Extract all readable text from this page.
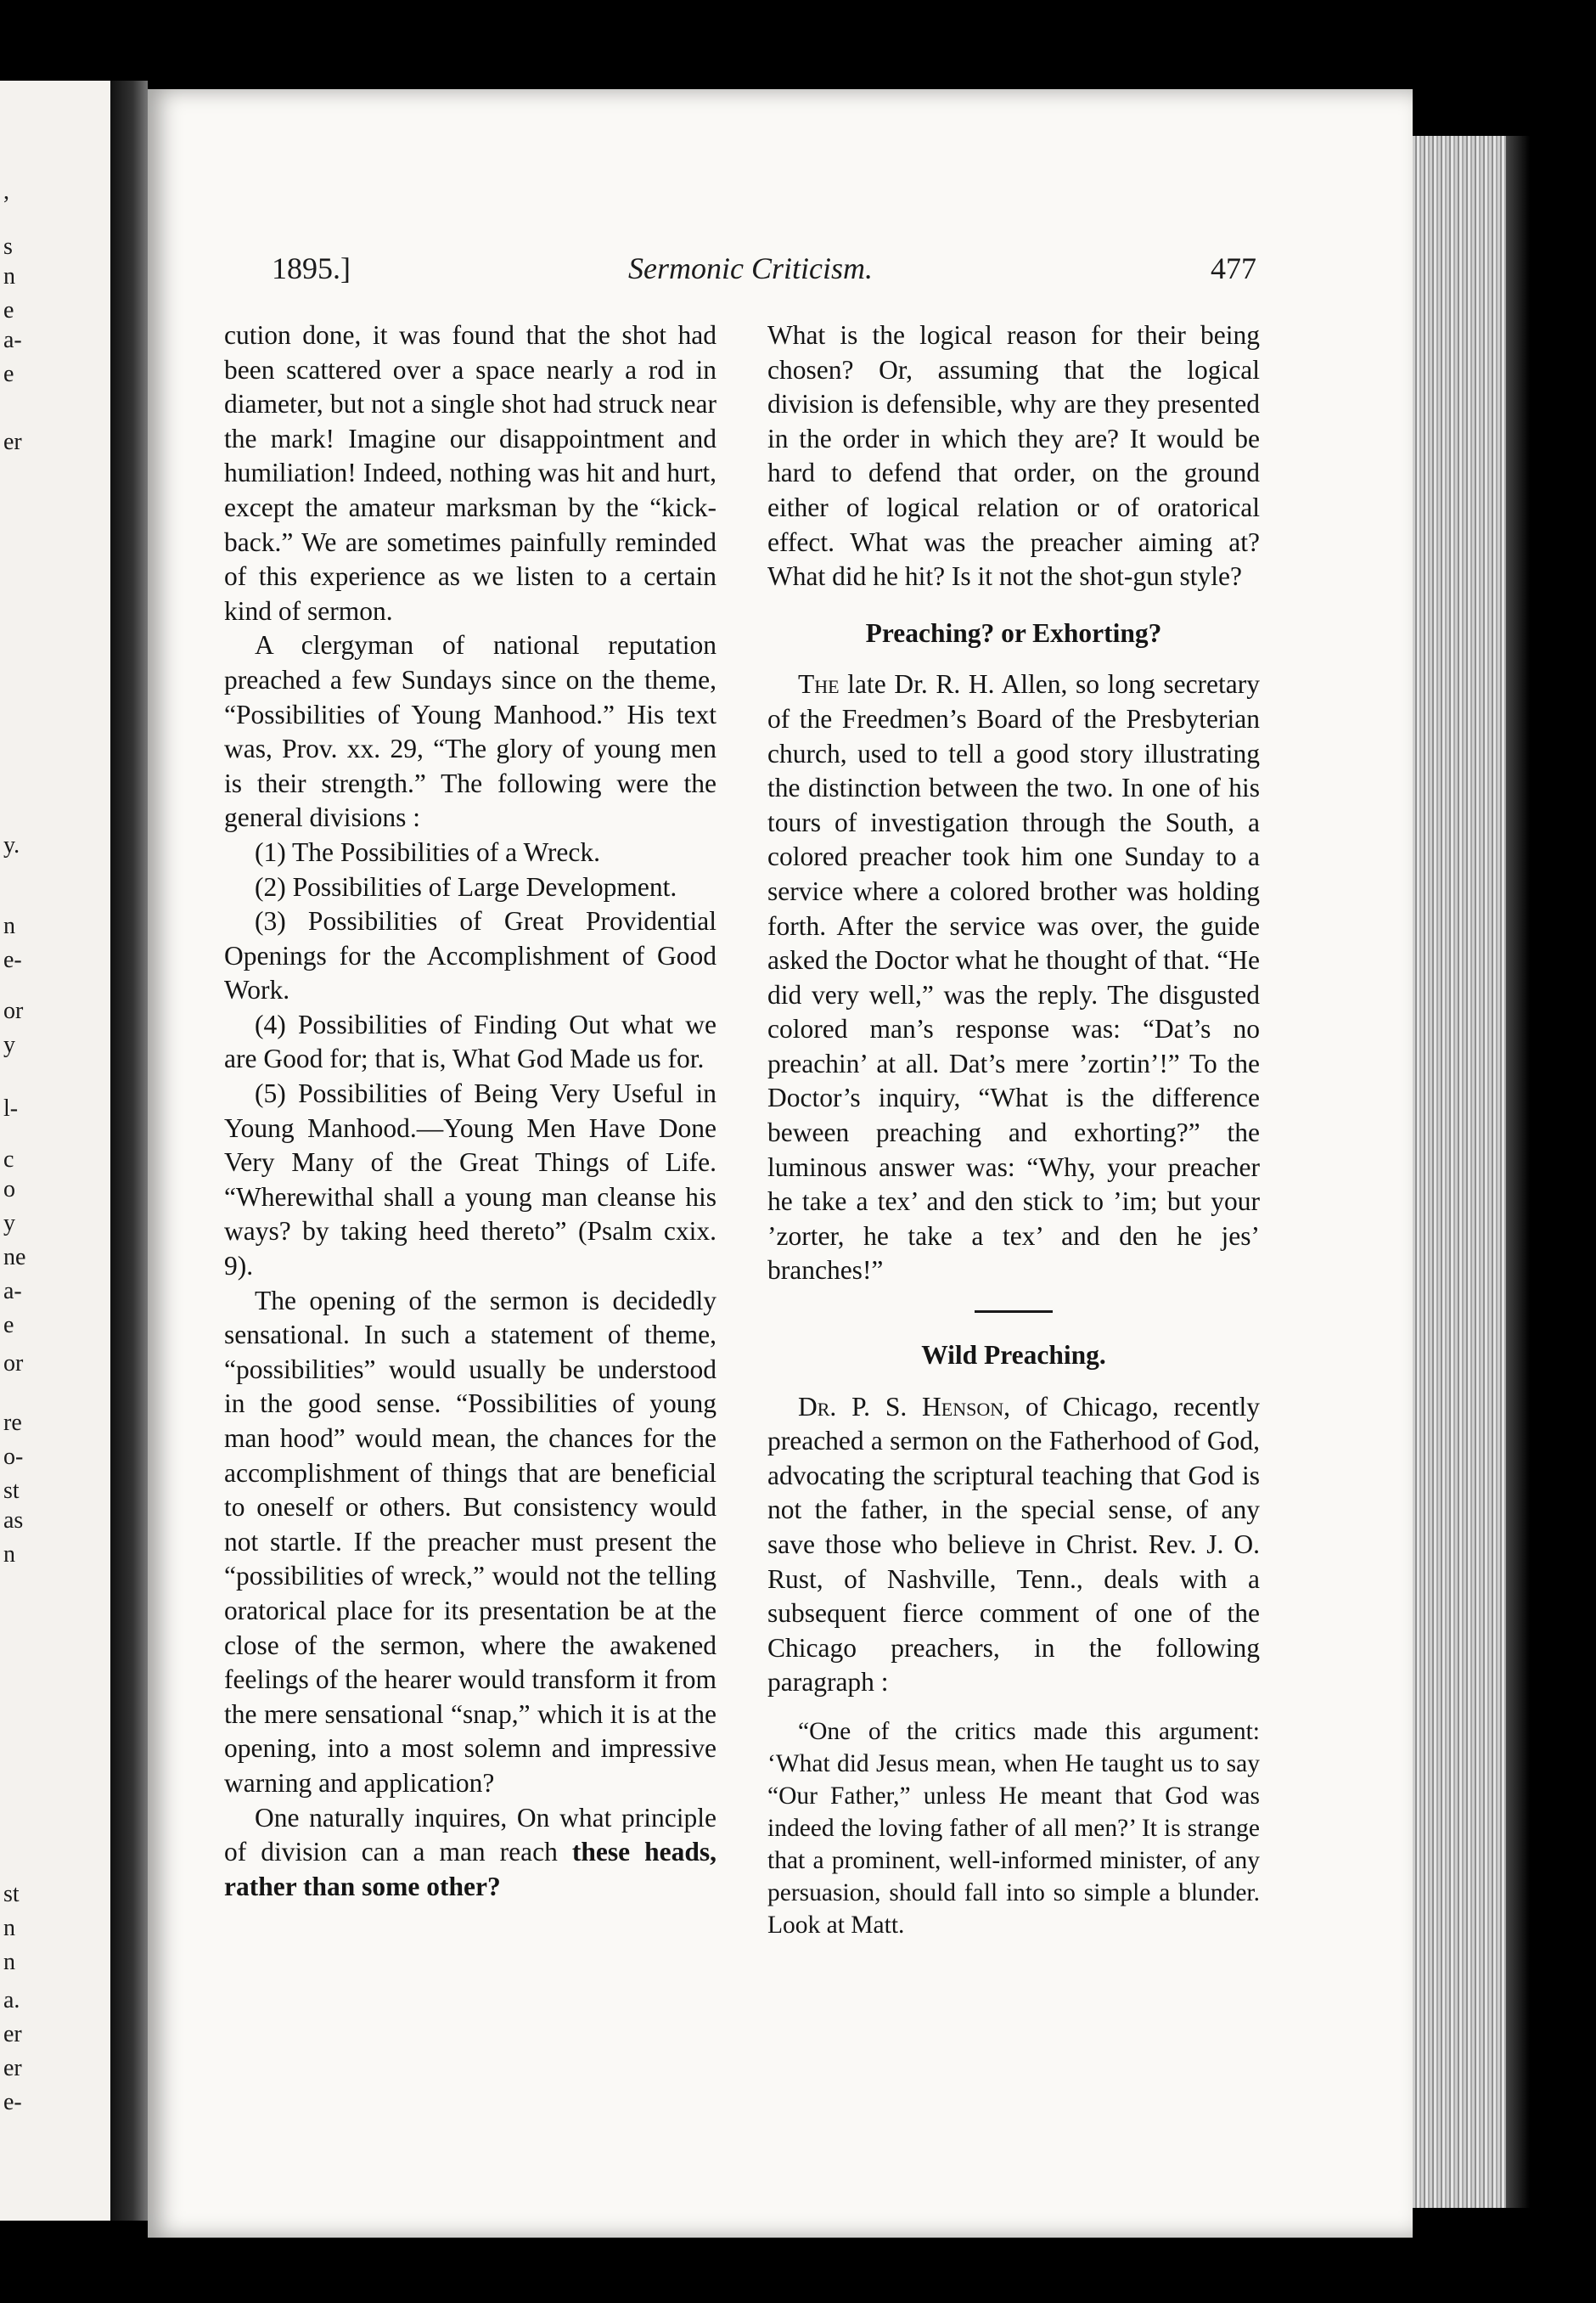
,
s
n
e
a-
e
er
y.
n
e-
or
y
l-
c
o
y
ne
a-
e
or
re
o-
st
as
n
st
n
n
a.
er
er
e-
1895.]	Sermonic Criticism.	477

cution done, it was found that the shot had been scattered over a space nearly a rod in diameter, but not a single shot had struck near the mark! Imagine our disappointment and humiliation! Indeed, nothing was hit and hurt, except the amateur marksman by the “kick-back.” We are sometimes painfully reminded of this experience as we listen to a certain kind of sermon.

A clergyman of national reputation preached a few Sundays since on the theme, “Possibilities of Young Manhood.” His text was, Prov. xx. 29, “The glory of young men is their strength.” The following were the general divisions :

(1) The Possibilities of a Wreck.

(2) Possibilities of Large Development.

(3) Possibilities of Great Providential Openings for the Accomplishment of Good Work.

(4) Possibilities of Finding Out what we are Good for; that is, What God Made us for.

(5) Possibilities of Being Very Useful in Young Manhood.—Young Men Have Done Very Many of the Great Things of Life. “Wherewithal shall a young man cleanse his ways? by taking heed thereto” (Psalm cxix. 9).

The opening of the sermon is decidedly sensational. In such a statement of theme, “possibilities” would usually be understood in the good sense. “Possibilities of young man hood” would mean, the chances for the accomplishment of things that are beneficial to oneself or others. But consistency would not startle. If the preacher must present the “possibilities of wreck,” would not the telling oratorical place for its presentation be at the close of the sermon, where the awakened feelings of the hearer would transform it from the mere sensational “snap,” which it is at the opening, into a most solemn and impressive warning and application?

One naturally inquires, On what principle of division can a man reach these heads, rather than some other?

What is the logical reason for their being chosen? Or, assuming that the logical division is defensible, why are they presented in the order in which they are? It would be hard to defend that order, on the ground either of logical relation or of oratorical effect. What was the preacher aiming at? What did he hit? Is it not the shot-gun style?

Preaching? or Exhorting?

The late Dr. R. H. Allen, so long secretary of the Freedmen’s Board of the Presbyterian church, used to tell a good story illustrating the distinction between the two. In one of his tours of investigation through the South, a colored preacher took him one Sunday to a service where a colored brother was holding forth. After the service was over, the guide asked the Doctor what he thought of that. “He did very well,” was the reply. The disgusted colored man’s response was: “Dat’s no preachin’ at all. Dat’s mere ’zortin’!” To the Doctor’s inquiry, “What is the difference beween preaching and exhorting?” the luminous answer was: “Why, your preacher he take a tex’ and den stick to ’im; but your ’zorter, he take a tex’ and den he jes’ branches!”

Wild Preaching.

Dr. P. S. Henson, of Chicago, recently preached a sermon on the Fatherhood of God, advocating the scriptural teaching that God is not the father, in the special sense, of any save those who believe in Christ. Rev. J. O. Rust, of Nashville, Tenn., deals with a subsequent fierce comment of one of the Chicago preachers, in the following paragraph :

“One of the critics made this argument: ‘What did Jesus mean, when He taught us to say “Our Father,” unless He meant that God was indeed the loving father of all men?’ It is strange that a prominent, well-informed minister, of any persuasion, should fall into so simple a blunder. Look at Matt.
